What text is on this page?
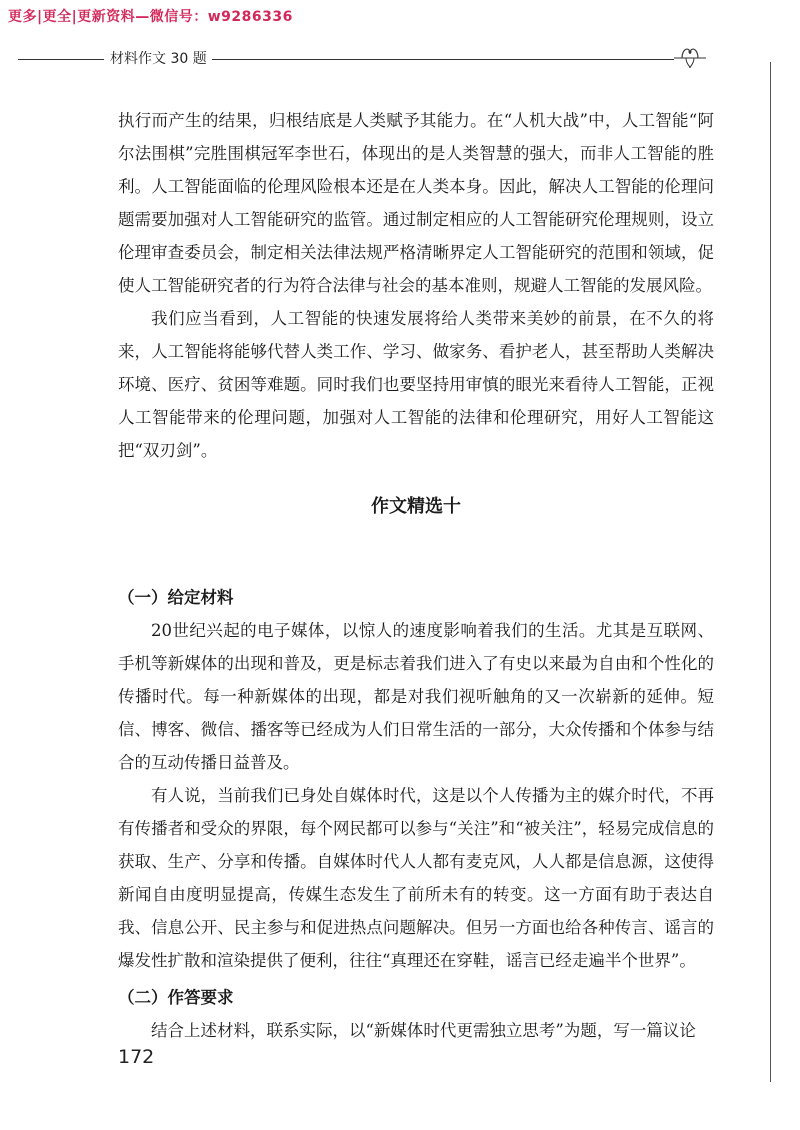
更多|更全|更新资料—微信号：w9286336
材料作文 30 题

执行而产生的结果，归根结底是人类赋予其能力。在“人机大战”中，人工智能“阿尔法围棋”完胜围棋冠军李世石，体现出的是人类智慧的强大，而非人工智能的胜利。人工智能面临的伦理风险根本还是在人类本身。因此，解决人工智能的伦理问题需要加强对人工智能研究的监管。通过制定相应的人工智能研究伦理规则，设立伦理审查委员会，制定相关法律法规严格清晰界定人工智能研究的范围和领域，促使人工智能研究者的行为符合法律与社会的基本准则，规避人工智能的发展风险。

我们应当看到，人工智能的快速发展将给人类带来美妙的前景，在不久的将来，人工智能将能够代替人类工作、学习、做家务、看护老人，甚至帮助人类解决环境、医疗、贫困等难题。同时我们也要坚持用审慎的眼光来看待人工智能，正视人工智能带来的伦理问题，加强对人工智能的法律和伦理研究，用好人工智能这把“双刃剑”。

作文精选十
（一）给定材料

20世纪兴起的电子媒体，以惊人的速度影响着我们的生活。尤其是互联网、手机等新媒体的出现和普及，更是标志着我们进入了有史以来最为自由和个性化的传播时代。每一种新媒体的出现，都是对我们视听触角的又一次崭新的延伸。短信、博客、微信、播客等已经成为人们日常生活的一部分，大众传播和个体参与结合的互动传播日益普及。

有人说，当前我们已身处自媒体时代，这是以个人传播为主的媒介时代，不再有传播者和受众的界限，每个网民都可以参与“关注”和“被关注”，轻易完成信息的获取、生产、分享和传播。自媒体时代人人都有麦克风，人人都是信息源，这使得新闻自由度明显提高，传媒生态发生了前所未有的转变。这一方面有助于表达自我、信息公开、民主参与和促进热点问题解决。但另一方面也给各种传言、谣言的爆发性扩散和渲染提供了便利，往往“真理还在穿鞋，谣言已经走遍半个世界”。

（二）作答要求

结合上述材料，联系实际，以“新媒体时代更需独立思考”为题，写一篇议论

172
